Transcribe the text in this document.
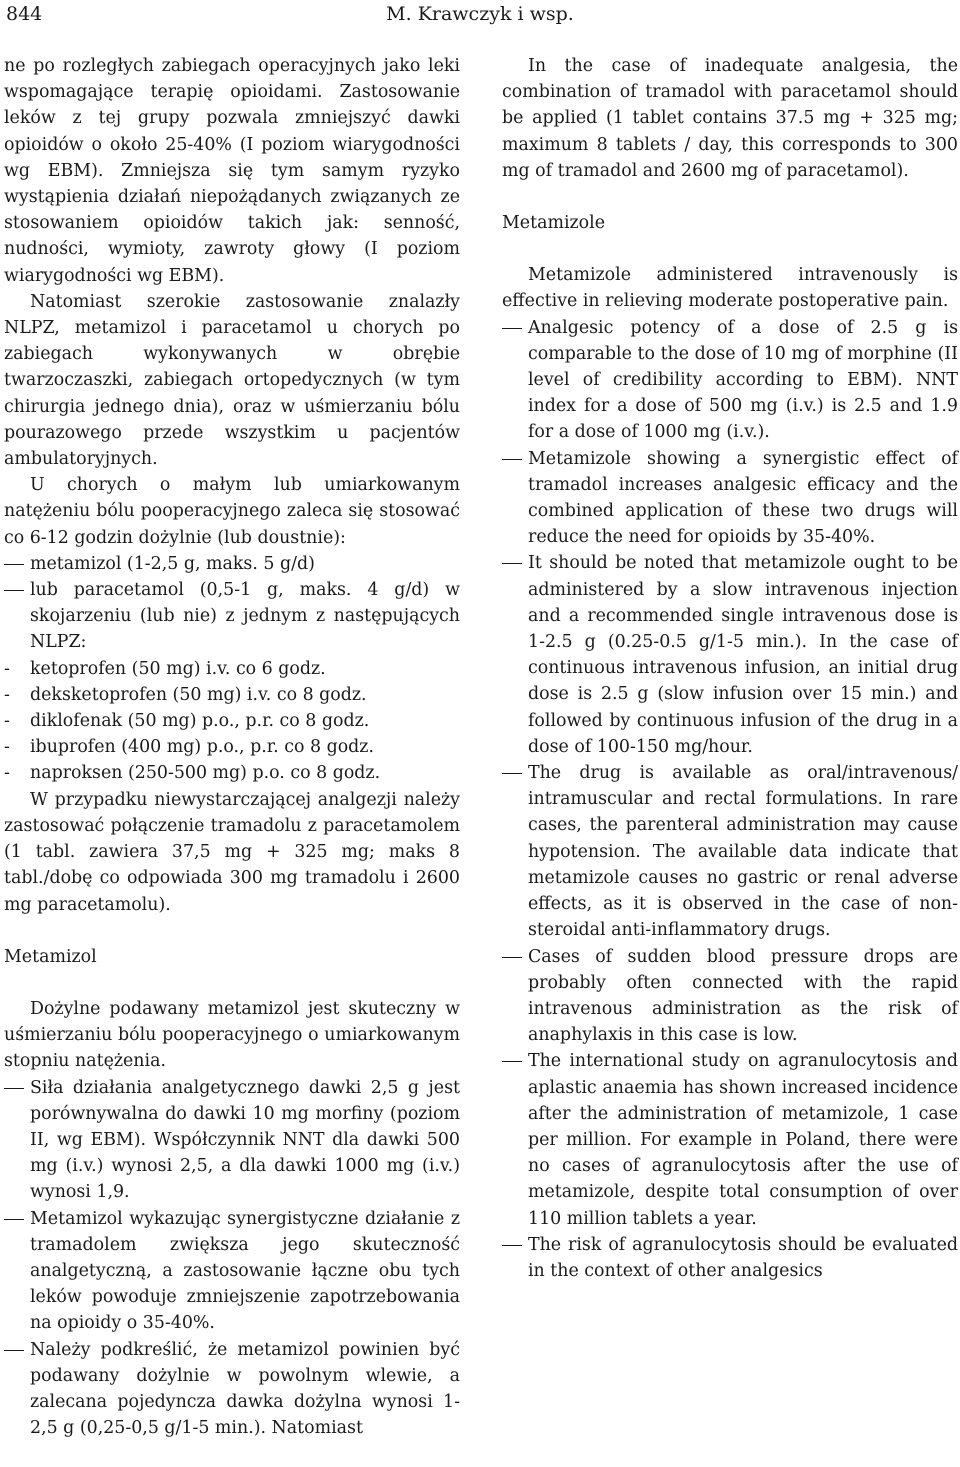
844	M. Krawczyk i wsp.

ne po rozległych zabiegach operacyjnych jako leki wspomagające terapię opioidami. Zastosowanie leków z tej grupy pozwala zmniejszyć dawki opioidów o około 25-40% (I poziom wiarygodności wg EBM). Zmniejsza się tym samym ryzyko wystąpienia działań niepożądanych związanych ze stosowaniem opioidów takich jak: senność, nudności, wymioty, zawroty głowy (I poziom wiarygodności wg EBM).

Natomiast szerokie zastosowanie znalazły NLPZ, metamizol i paracetamol u chorych po zabiegach wykonywanych w obrębie twarzoczaszki, zabiegach ortopedycznych (w tym chirurgia jednego dnia), oraz w uśmierzaniu bólu pourazowego przede wszystkim u pacjentów ambulatoryjnych.

U chorych o małym lub umiarkowanym natężeniu bólu pooperacyjnego zaleca się stosować co 6-12 godzin dożylnie (lub doustnie):

metamizol (1-2,5 g, maks. 5 g/d)
lub paracetamol (0,5-1 g, maks. 4 g/d) w skojarzeniu (lub nie) z jednym z następujących NLPZ:
- ketoprofen (50 mg) i.v. co 6 godz.
- deksketoprofen (50 mg) i.v. co 8 godz.
- diklofenak (50 mg) p.o., p.r. co 8 godz.
- ibuprofen (400 mg) p.o., p.r. co 8 godz.
- naproksen (250-500 mg) p.o. co 8 godz.

W przypadku niewystarczającej analgezji należy zastosować połączenie tramadolu z paracetamolem (1 tabl. zawiera 37,5 mg + 325 mg; maks 8 tabl./dobę co odpowiada 300 mg tramadolu i 2600 mg paracetamolu).

Metamizol

Dożylne podawany metamizol jest skuteczny w uśmierzaniu bólu pooperacyjnego o umiarkowanym stopniu natężenia.

Siła działania analgetycznego dawki 2,5 g jest porównywalna do dawki 10 mg morfiny (poziom II, wg EBM). Współczynnik NNT dla dawki 500 mg (i.v.) wynosi 2,5, a dla dawki 1000 mg (i.v.) wynosi 1,9.
Metamizol wykazując synergistyczne działanie z tramadolem zwiększa jego skuteczność analgetyczną, a zastosowanie łączne obu tych leków powoduje zmniejszenie zapotrzebowania na opioidy o 35-40%.
Należy podkreślić, że metamizol powinien być podawany dożylnie w powolnym wlewie, a zalecana pojedyncza dawka dożylna wynosi 1-2,5 g (0,25-0,5 g/1-5 min.). Natomiast

In the case of inadequate analgesia, the combination of tramadol with paracetamol should be applied (1 tablet contains 37.5 mg + 325 mg; maximum 8 tablets / day, this corresponds to 300 mg of tramadol and 2600 mg of paracetamol).

Metamizole

Metamizole administered intravenously is effective in relieving moderate postoperative pain.

Analgesic potency of a dose of 2.5 g is comparable to the dose of 10 mg of morphine (II level of credibility according to EBM). NNT index for a dose of 500 mg (i.v.) is 2.5 and 1.9 for a dose of 1000 mg (i.v.).
Metamizole showing a synergistic effect of tramadol increases analgesic efficacy and the combined application of these two drugs will reduce the need for opioids by 35-40%.
It should be noted that metamizole ought to be administered by a slow intravenous injection and a recommended single intravenous dose is 1-2.5 g (0.25-0.5 g/1-5 min.). In the case of continuous intravenous infusion, an initial drug dose is 2.5 g (slow infusion over 15 min.) and followed by continuous infusion of the drug in a dose of 100-150 mg/hour.
The drug is available as oral/intravenous/ intramuscular and rectal formulations. In rare cases, the parenteral administration may cause hypotension. The available data indicate that metamizole causes no gastric or renal adverse effects, as it is observed in the case of non-steroidal anti-inflammatory drugs.
Cases of sudden blood pressure drops are probably often connected with the rapid intravenous administration as the risk of anaphylaxis in this case is low.
The international study on agranulocytosis and aplastic anaemia has shown increased incidence after the administration of metamizole, 1 case per million. For example in Poland, there were no cases of agranulocytosis after the use of metamizole, despite total consumption of over 110 million tablets a year.
The risk of agranulocytosis should be evaluated in the context of other analgesics
